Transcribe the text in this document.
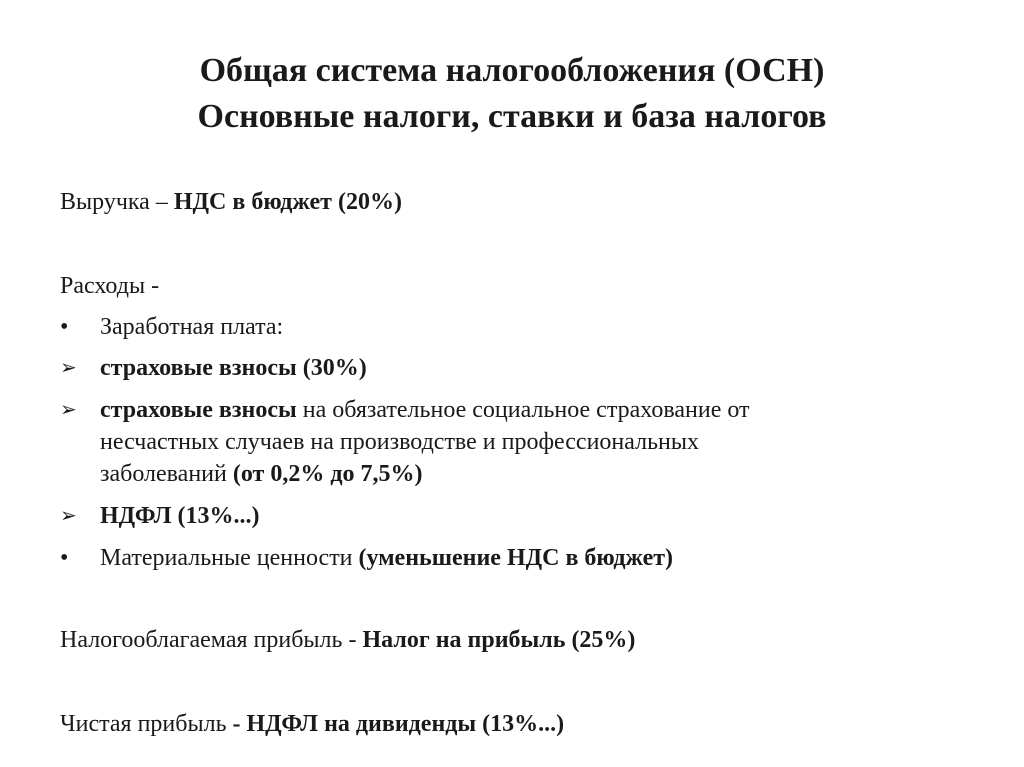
Общая система налогообложения (ОСН)
Основные налоги, ставки и база налогов
Выручка – НДС в бюджет (20%)
Расходы -
•	Заработная плата:
➢ страховые взносы (30%)
➢ страховые взносы на обязательное социальное страхование от
несчастных случаев на производстве и профессиональных
заболеваний (от 0,2% до 7,5%)
➢ НДФЛ (13%...)
•	Материальные ценности (уменьшение НДС в бюджет)
Налогооблагаемая прибыль - Налог на прибыль (25%)
Чистая прибыль - НДФЛ на дивиденды (13%...)
